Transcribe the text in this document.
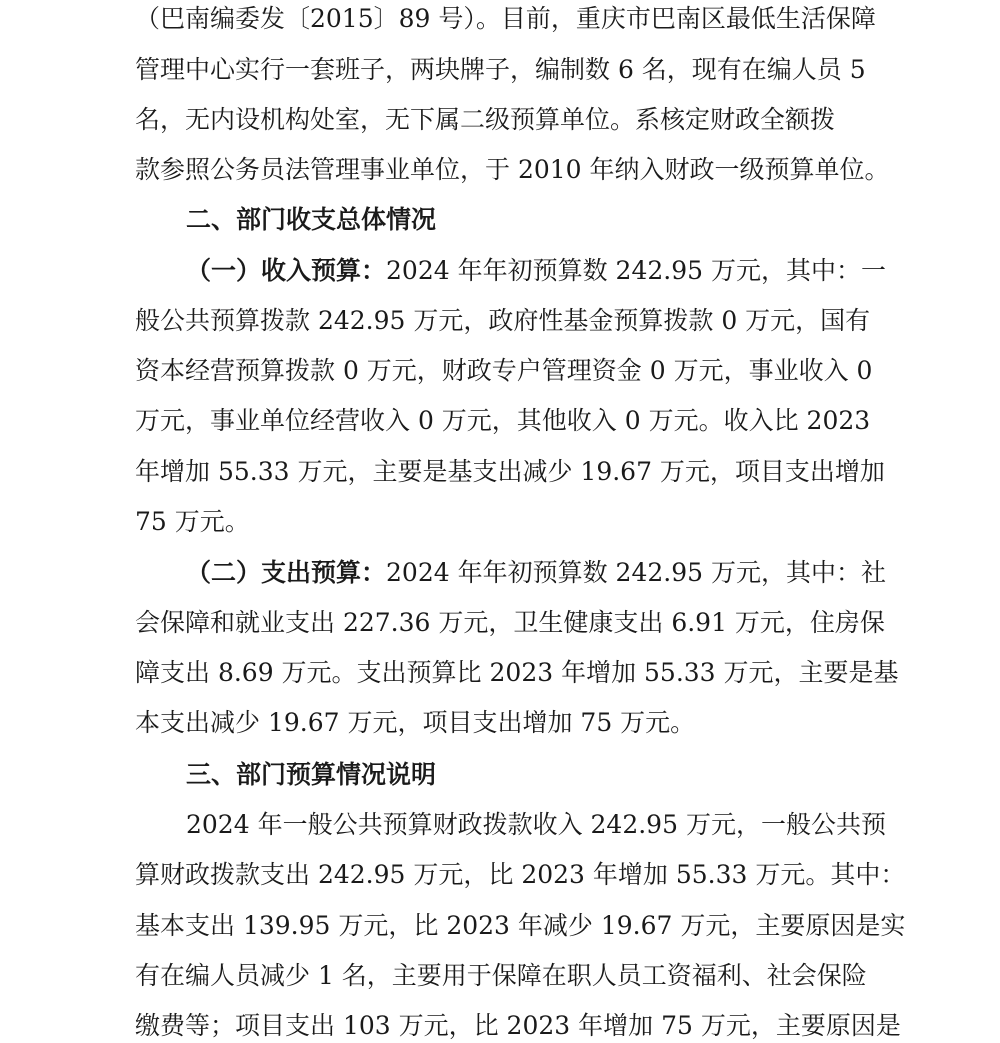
（巴南编委发〔2015〕89 号）。目前，重庆市巴南区最低生活保障

管理中心实行一套班子，两块牌子，编制数 6 名，现有在编人员 5

名，无内设机构处室，无下属二级预算单位。系核定财政全额拨

款参照公务员法管理事业单位，于 2010 年纳入财政一级预算单位。

二、部门收支总体情况

（一）收入预算：2024 年年初预算数 242.95 万元，其中：一

般公共预算拨款 242.95 万元，政府性基金预算拨款 0 万元，国有

资本经营预算拨款 0 万元，财政专户管理资金 0 万元，事业收入 0

万元，事业单位经营收入 0 万元，其他收入 0 万元。收入比 2023

年增加 55.33 万元，主要是基支出减少 19.67 万元，项目支出增加

75 万元。

（二）支出预算：2024 年年初预算数 242.95 万元，其中：社

会保障和就业支出 227.36 万元，卫生健康支出 6.91 万元，住房保

障支出 8.69 万元。支出预算比 2023 年增加 55.33 万元，主要是基

本支出减少 19.67 万元，项目支出增加 75 万元。

三、部门预算情况说明

2024 年一般公共预算财政拨款收入 242.95 万元，一般公共预

算财政拨款支出 242.95 万元，比 2023 年增加 55.33 万元。其中：

基本支出 139.95 万元，比 2023 年减少 19.67 万元，主要原因是实

有在编人员减少 1 名，主要用于保障在职人员工资福利、社会保险

缴费等；项目支出 103 万元，比 2023 年增加 75 万元，主要原因是
